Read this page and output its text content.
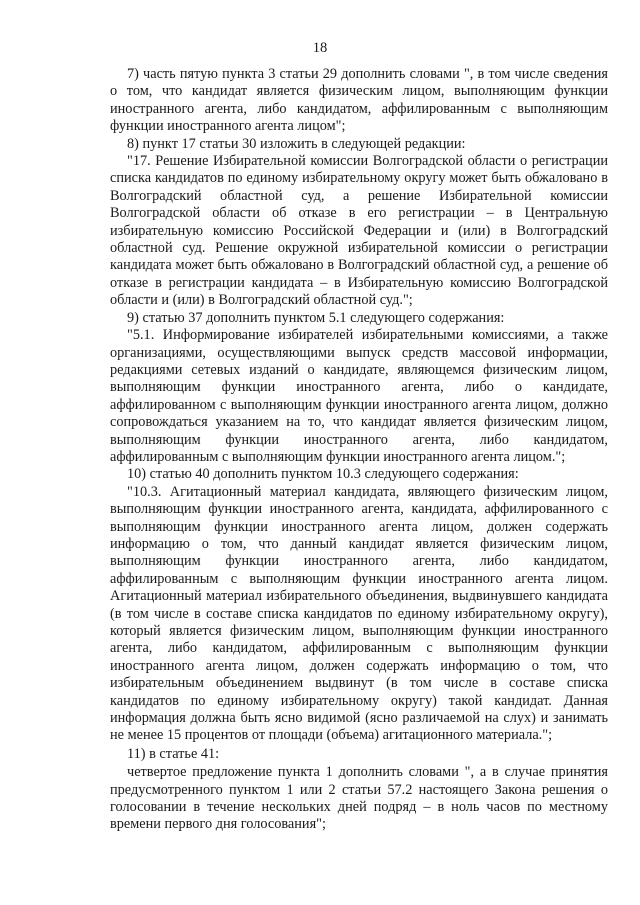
18

7) часть пятую пункта 3 статьи 29 дополнить словами ", в том числе сведения о том, что кандидат является физическим лицом, выполняющим функции иностранного агента, либо кандидатом, аффилированным с выполняющим функции иностранного агента лицом";

8) пункт 17 статьи 30 изложить в следующей редакции:

"17. Решение Избирательной комиссии Волгоградской области о регистрации списка кандидатов по единому избирательному округу может быть обжаловано в Волгоградский областной суд, а решение Избирательной комиссии Волгоградской области об отказе в его регистрации – в Центральную избирательную комиссию Российской Федерации и (или) в Волгоградский областной суд. Решение окружной избирательной комиссии о регистрации кандидата может быть обжаловано в Волгоградский областной суд, а решение об отказе в регистрации кандидата – в Избирательную комиссию Волгоградской области и (или) в Волгоградский областной суд.";

9) статью 37 дополнить пунктом 5.1 следующего содержания:

"5.1. Информирование избирателей избирательными комиссиями, а также организациями, осуществляющими выпуск средств массовой информации, редакциями сетевых изданий о кандидате, являющемся физическим лицом, выполняющим функции иностранного агента, либо о кандидате, аффилированном с выполняющим функции иностранного агента лицом, должно сопровождаться указанием на то, что кандидат является физическим лицом, выполняющим функции иностранного агента, либо кандидатом, аффилированным с выполняющим функции иностранного агента лицом.";

10) статью 40 дополнить пунктом 10.3 следующего содержания:

"10.3. Агитационный материал кандидата, являющего физическим лицом, выполняющим функции иностранного агента, кандидата, аффилированного с выполняющим функции иностранного агента лицом, должен содержать информацию о том, что данный кандидат является физическим лицом, выполняющим функции иностранного агента, либо кандидатом, аффилированным с выполняющим функции иностранного агента лицом. Агитационный материал избирательного объединения, выдвинувшего кандидата (в том числе в составе списка кандидатов по единому избирательному округу), который является физическим лицом, выполняющим функции иностранного агента, либо кандидатом, аффилированным с выполняющим функции иностранного агента лицом, должен содержать информацию о том, что избирательным объединением выдвинут (в том числе в составе списка кандидатов по единому избирательному округу) такой кандидат. Данная информация должна быть ясно видимой (ясно различаемой на слух) и занимать не менее 15 процентов от площади (объема) агитационного материала.";

11) в статье 41:

четвертое предложение пункта 1 дополнить словами ", а в случае принятия предусмотренного пунктом 1 или 2 статьи 57.2 настоящего Закона решения о голосовании в течение нескольких дней подряд – в ноль часов по местному времени первого дня голосования";
